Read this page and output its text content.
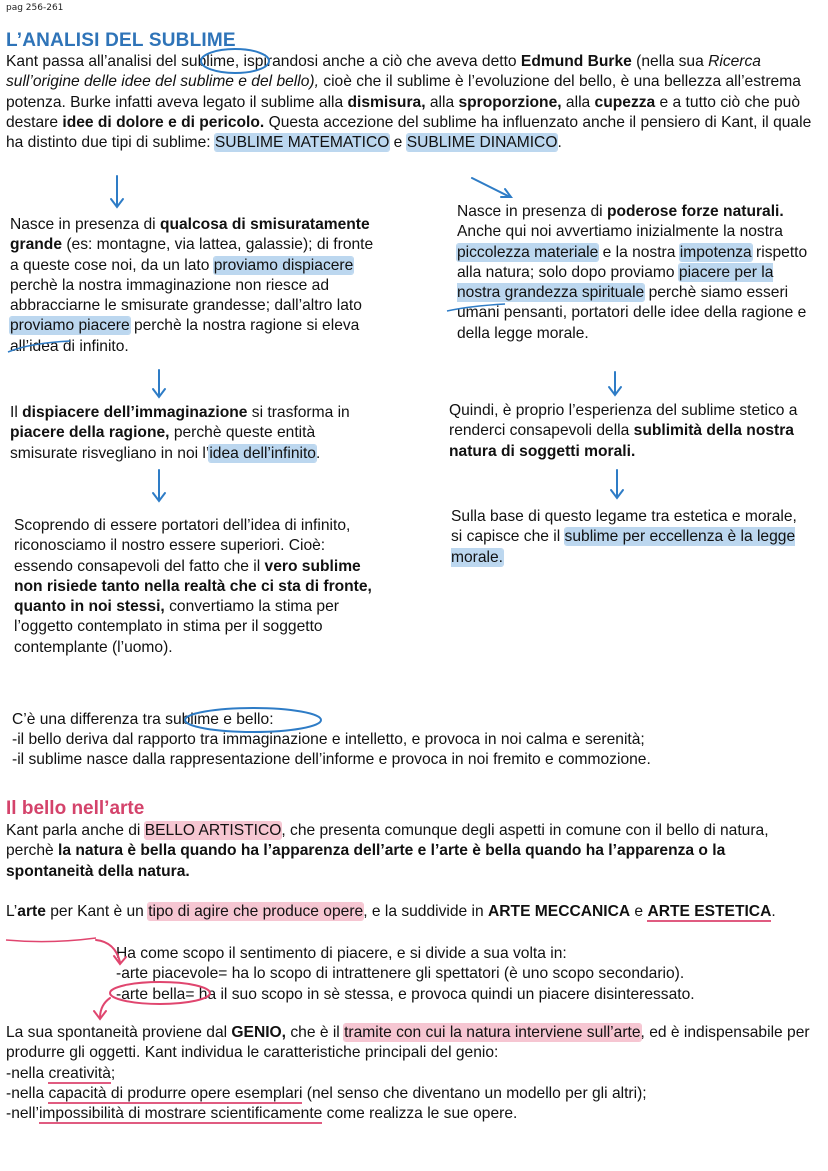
pag 256-261
L’ANALISI DEL SUBLIME
Kant passa all’analisi del sublime, ispirandosi anche a ciò che aveva detto Edmund Burke (nella sua Ricerca sull’origine delle idee del sublime e del bello), cioè che il sublime è l’evoluzione del bello, è una bellezza all’estrema potenza. Burke infatti aveva legato il sublime alla dismisura, alla sproporzione, alla cupezza e a tutto ciò che può destare idee di dolore e di pericolo. Questa accezione del sublime ha influenzato anche il pensiero di Kant, il quale ha distinto due tipi di sublime: SUBLIME MATEMATICO e SUBLIME DINAMICO.
Nasce in presenza di qualcosa di smisuratamente grande (es: montagne, via lattea, galassie); di fronte a queste cose noi, da un lato proviamo dispiacere perchè la nostra immaginazione non riesce ad abbracciarne le smisurate grandesse; dall’altro lato proviamo piacere perchè la nostra ragione si eleva all’idea di infinito.
Il dispiacere dell’immaginazione si trasforma in piacere della ragione, perchè queste entità smisurate risvegliano in noi l’idea dell’infinito.
Scoprendo di essere portatori dell’idea di infinito, riconosciamo il nostro essere superiori. Cioè: essendo consapevoli del fatto che il vero sublime non risiede tanto nella realtà che ci sta di fronte, quanto in noi stessi, convertiamo la stima per l’oggetto contemplato in stima per il soggetto contemplante (l’uomo).
Nasce in presenza di poderose forze naturali. Anche qui noi avvertiamo inizialmente la nostra piccolezza materiale e la nostra impotenza rispetto alla natura; solo dopo proviamo piacere per la nostra grandezza spirituale perchè siamo esseri umani pensanti, portatori delle idee della ragione e della legge morale.
Quindi, è proprio l’esperienza del sublime stetico a renderci consapevoli della sublimità della nostra natura di soggetti morali.
Sulla base di questo legame tra estetica e morale, si capisce che il sublime per eccellenza è la legge morale.
C’è una differenza tra sublime e bello:
-il bello deriva dal rapporto tra immaginazione e intelletto, e provoca in noi calma e serenità;
-il sublime nasce dalla rappresentazione dell’informe e provoca in noi fremito e commozione.
Il bello nell’arte
Kant parla anche di BELLO ARTISTICO, che presenta comunque degli aspetti in comune con il bello di natura, perchè la natura è bella quando ha l’apparenza dell’arte e l’arte è bella quando ha l’apparenza o la spontaneità della natura.
L’arte per Kant è un tipo di agire che produce opere, e la suddivide in ARTE MECCANICA e ARTE ESTETICA.
Ha come scopo il sentimento di piacere, e si divide a sua volta in:
-arte piacevole= ha lo scopo di intrattenere gli spettatori (è uno scopo secondario).
-arte bella= ha il suo scopo in sè stessa, e provoca quindi un piacere disinteressato.
La sua spontaneità proviene dal GENIO, che è il tramite con cui la natura interviene sull’arte, ed è indispensabile per produrre gli oggetti. Kant individua le caratteristiche principali del genio:
-nella creatività;
-nella capacità di produrre opere esemplari (nel senso che diventano un modello per gli altri);
-nell’impossibilità di mostrare scientificamente come realizza le sue opere.
